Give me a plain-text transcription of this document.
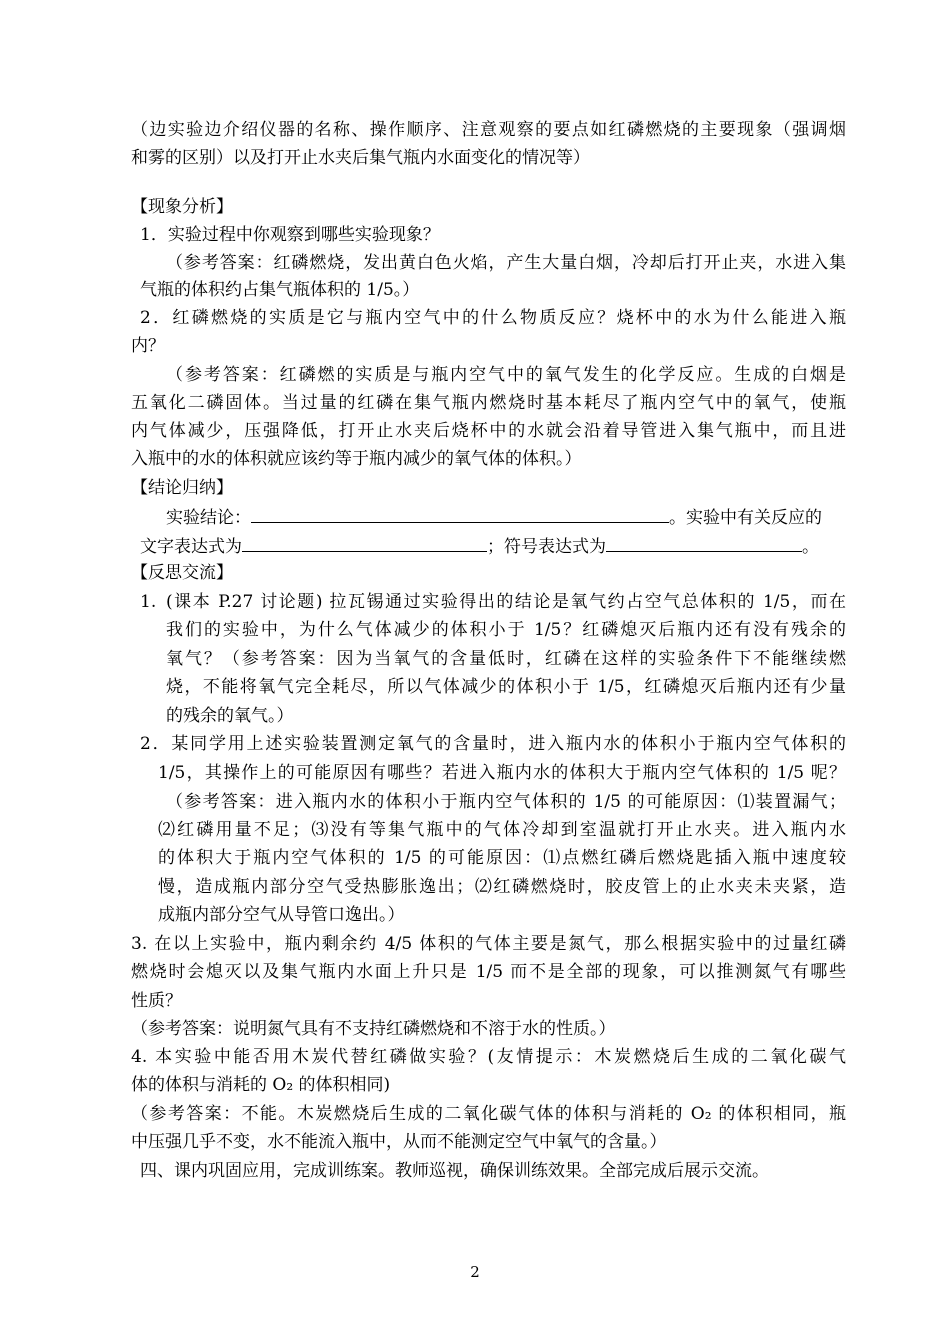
（边实验边介绍仪器的名称、操作顺序、注意观察的要点如红磷燃烧的主要现象（强调烟
和雾的区别）以及打开止水夹后集气瓶内水面变化的情况等）
【现象分析】
1．实验过程中你观察到哪些实验现象？
（参考答案：红磷燃烧，发出黄白色火焰，产生大量白烟，冷却后打开止夹，水进入集
气瓶的体积约占集气瓶体积的 1/5。）
2．红磷燃烧的实质是它与瓶内空气中的什么物质反应？烧杯中的水为什么能进入瓶
内？
（参考答案：红磷燃的实质是与瓶内空气中的氧气发生的化学反应。生成的白烟是
五氧化二磷固体。当过量的红磷在集气瓶内燃烧时基本耗尽了瓶内空气中的氧气，使瓶
内气体减少，压强降低，打开止水夹后烧杯中的水就会沿着导管进入集气瓶中，而且进
入瓶中的水的体积就应该约等于瓶内减少的氧气体的体积。）
【结论归纳】
实验结论：	。实验中有关反应的
文字表达式为	；符号表达式为	。
【反思交流】
1. (课本 P.27 讨论题) 拉瓦锡通过实验得出的结论是氧气约占空气总体积的 1/5，而在
我们的实验中，为什么气体减少的体积小于 1/5？红磷熄灭后瓶内还有没有残余的
氧气？（参考答案：因为当氧气的含量低时，红磷在这样的实验条件下不能继续燃
烧，不能将氧气完全耗尽，所以气体减少的体积小于 1/5，红磷熄灭后瓶内还有少量
的残余的氧气。）
2．某同学用上述实验装置测定氧气的含量时，进入瓶内水的体积小于瓶内空气体积的
1/5，其操作上的可能原因有哪些？若进入瓶内水的体积大于瓶内空气体积的 1/5 呢？
（参考答案：进入瓶内水的体积小于瓶内空气体积的 1/5 的可能原因：⑴装置漏气；
⑵红磷用量不足；⑶没有等集气瓶中的气体冷却到室温就打开止水夹。进入瓶内水
的体积大于瓶内空气体积的 1/5 的可能原因：⑴点燃红磷后燃烧匙插入瓶中速度较
慢，造成瓶内部分空气受热膨胀逸出；⑵红磷燃烧时，胶皮管上的止水夹未夹紧，造
成瓶内部分空气从导管口逸出。）
3. 在以上实验中，瓶内剩余约 4/5 体积的气体主要是氮气，那么根据实验中的过量红磷
燃烧时会熄灭以及集气瓶内水面上升只是 1/5 而不是全部的现象，可以推测氮气有哪些
性质？
（参考答案：说明氮气具有不支持红磷燃烧和不溶于水的性质。）
4. 本实验中能否用木炭代替红磷做实验？(友情提示：木炭燃烧后生成的二氧化碳气
体的体积与消耗的 O₂ 的体积相同)
（参考答案：不能。木炭燃烧后生成的二氧化碳气体的体积与消耗的 O₂ 的体积相同，瓶
中压强几乎不变，水不能流入瓶中，从而不能测定空气中氧气的含量。）
四、课内巩固应用，完成训练案。教师巡视，确保训练效果。全部完成后展示交流。
2
